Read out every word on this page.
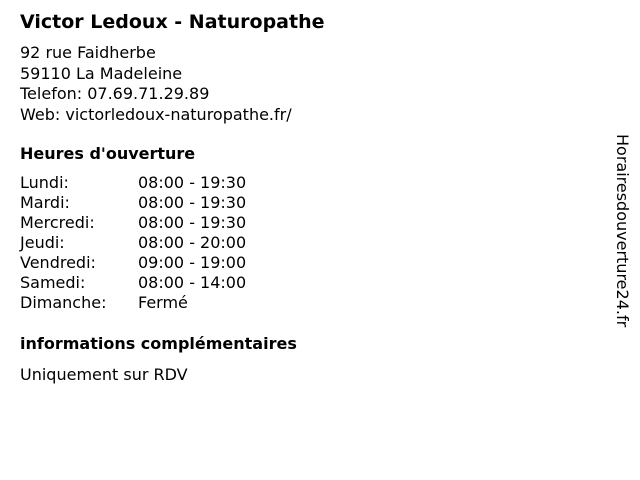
Victor Ledoux - Naturopathe
92 rue Faidherbe
59110 La Madeleine
Telefon: 07.69.71.29.89
Web: victorledoux-naturopathe.fr/
Heures d'ouverture
Lundi:	08:00 - 19:30
Mardi:	08:00 - 19:30
Mercredi:	08:00 - 19:30
Jeudi:	08:00 - 20:00
Vendredi:	09:00 - 19:00
Samedi:	08:00 - 14:00
Dimanche:	Fermé
informations complémentaires
Uniquement sur RDV
Horairesdouverture24.fr
